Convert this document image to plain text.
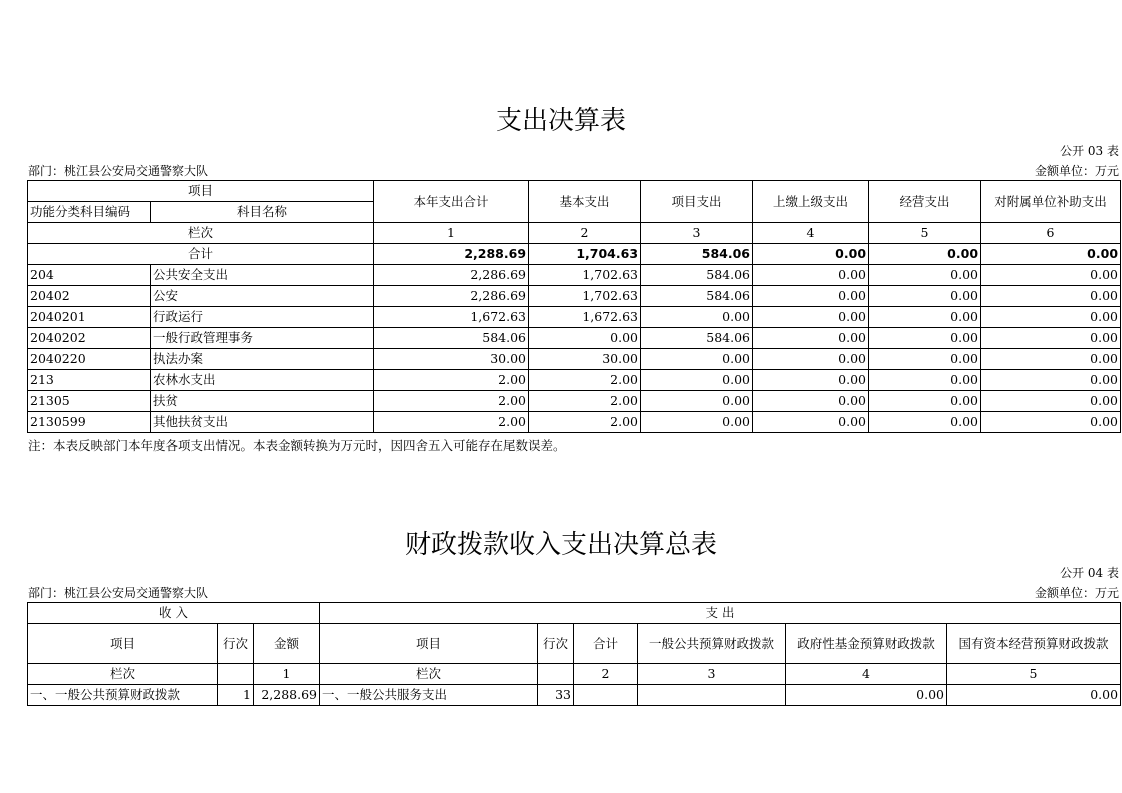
支出决算表
公开 03 表
部门：桃江县公安局交通警察大队	金额单位：万元
项目		本年支出合计	基本支出	项目支出	上缴上级支出	经营支出	对附属单位补助支出
功能分类科目编码	科目名称						
栏次		1	2	3	4	5	6
合计		2,288.69	1,704.63	584.06	0.00	0.00	0.00
204	公共安全支出	2,286.69	1,702.63	584.06	0.00	0.00	0.00
20402	公安	2,286.69	1,702.63	584.06	0.00	0.00	0.00
2040201	行政运行	1,672.63	1,672.63	0.00	0.00	0.00	0.00
2040202	一般行政管理事务	584.06	0.00	584.06	0.00	0.00	0.00
2040220	执法办案	30.00	30.00	0.00	0.00	0.00	0.00
213	农林水支出	2.00	2.00	0.00	0.00	0.00	0.00
21305	扶贫	2.00	2.00	0.00	0.00	0.00	0.00
2130599	其他扶贫支出	2.00	2.00	0.00	0.00	0.00	0.00
注：本表反映部门本年度各项支出情况。本表金额转换为万元时，因四舍五入可能存在尾数误差。
财政拨款收入支出决算总表
公开 04 表
部门：桃江县公安局交通警察大队	金额单位：万元
收 入			支 出					
项目	行次	金额	项目	行次	合计	一般公共预算财政拨款	政府性基金预算财政拨款	国有资本经营预算财政拨款
栏次		1	栏次		2	3	4	5
一、一般公共预算财政拨款	1	2,288.69	一、一般公共服务支出	33			0.00	0.00
